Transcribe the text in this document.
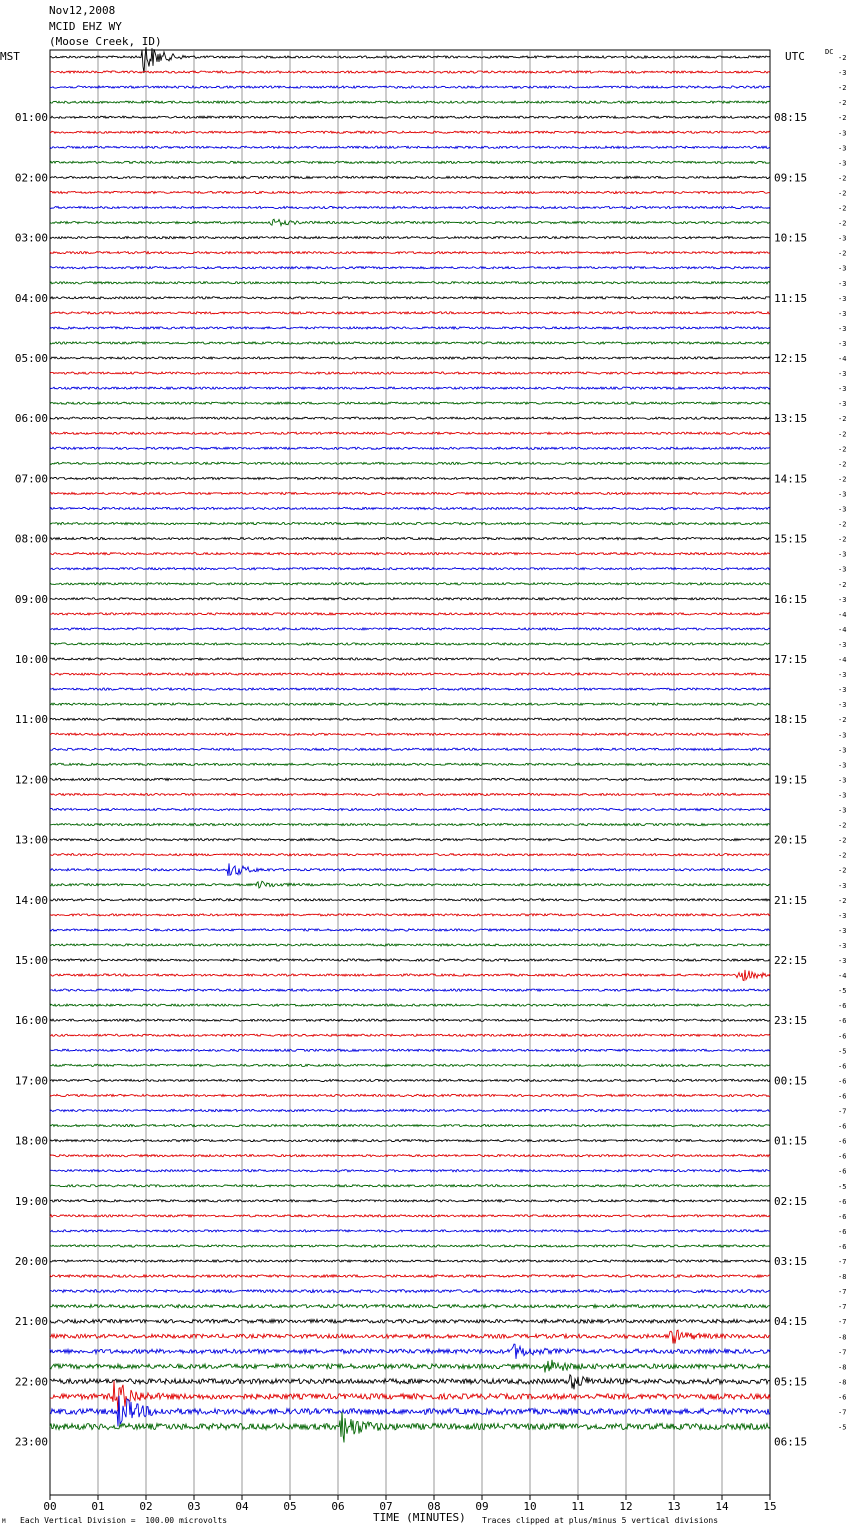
00	01	02	03	04	05	06	07	08	09	10	11	12	13	14	15
-2
-3
-2
-2
-2
-3
-3
-3
-2
-2
-2
-2
-3
-2
-3
-3
-3
-3
-3
-3
-4
-3
-3
-3
-2
-2
-2
-2
-2
-3
-3
-2
-2
-3
-3
-2
-3
-4
-4
-3
-4
-3
-3
-3
-2
-3
-3
-3
-3
-3
-3
-2
-2
-2
-2
-3
-2
-3
-3
-3
-3
-4
-5
-6
-6
-6
-5
-6
-6
-6
-7
-6
-6
-6
-6
-5
-6
-6
-6
-6
-7
-8
-7
-7
-7
-8
-7
-8
-8
-6
-7
-5
01:00	08:15
02:00	09:15
03:00	10:15
04:00	11:15
05:00	12:15
06:00	13:15
07:00	14:15
08:00	15:15
09:00	16:15
10:00	17:15
11:00	18:15
12:00	19:15
13:00	20:15
14:00	21:15
15:00	22:15
16:00	23:15
17:00	00:15
18:00	01:15
19:00	02:15
20:00	03:15
21:00	04:15
22:00	05:15
23:00	06:15
Nov12,2008
MCID EHZ WY
(Moose Creek, ID)
MST	UTC	DC
TIME (MINUTES)
Each Vertical Division =  100.00 microvolts	Traces clipped at plus/minus 5 vertical divisions
M
